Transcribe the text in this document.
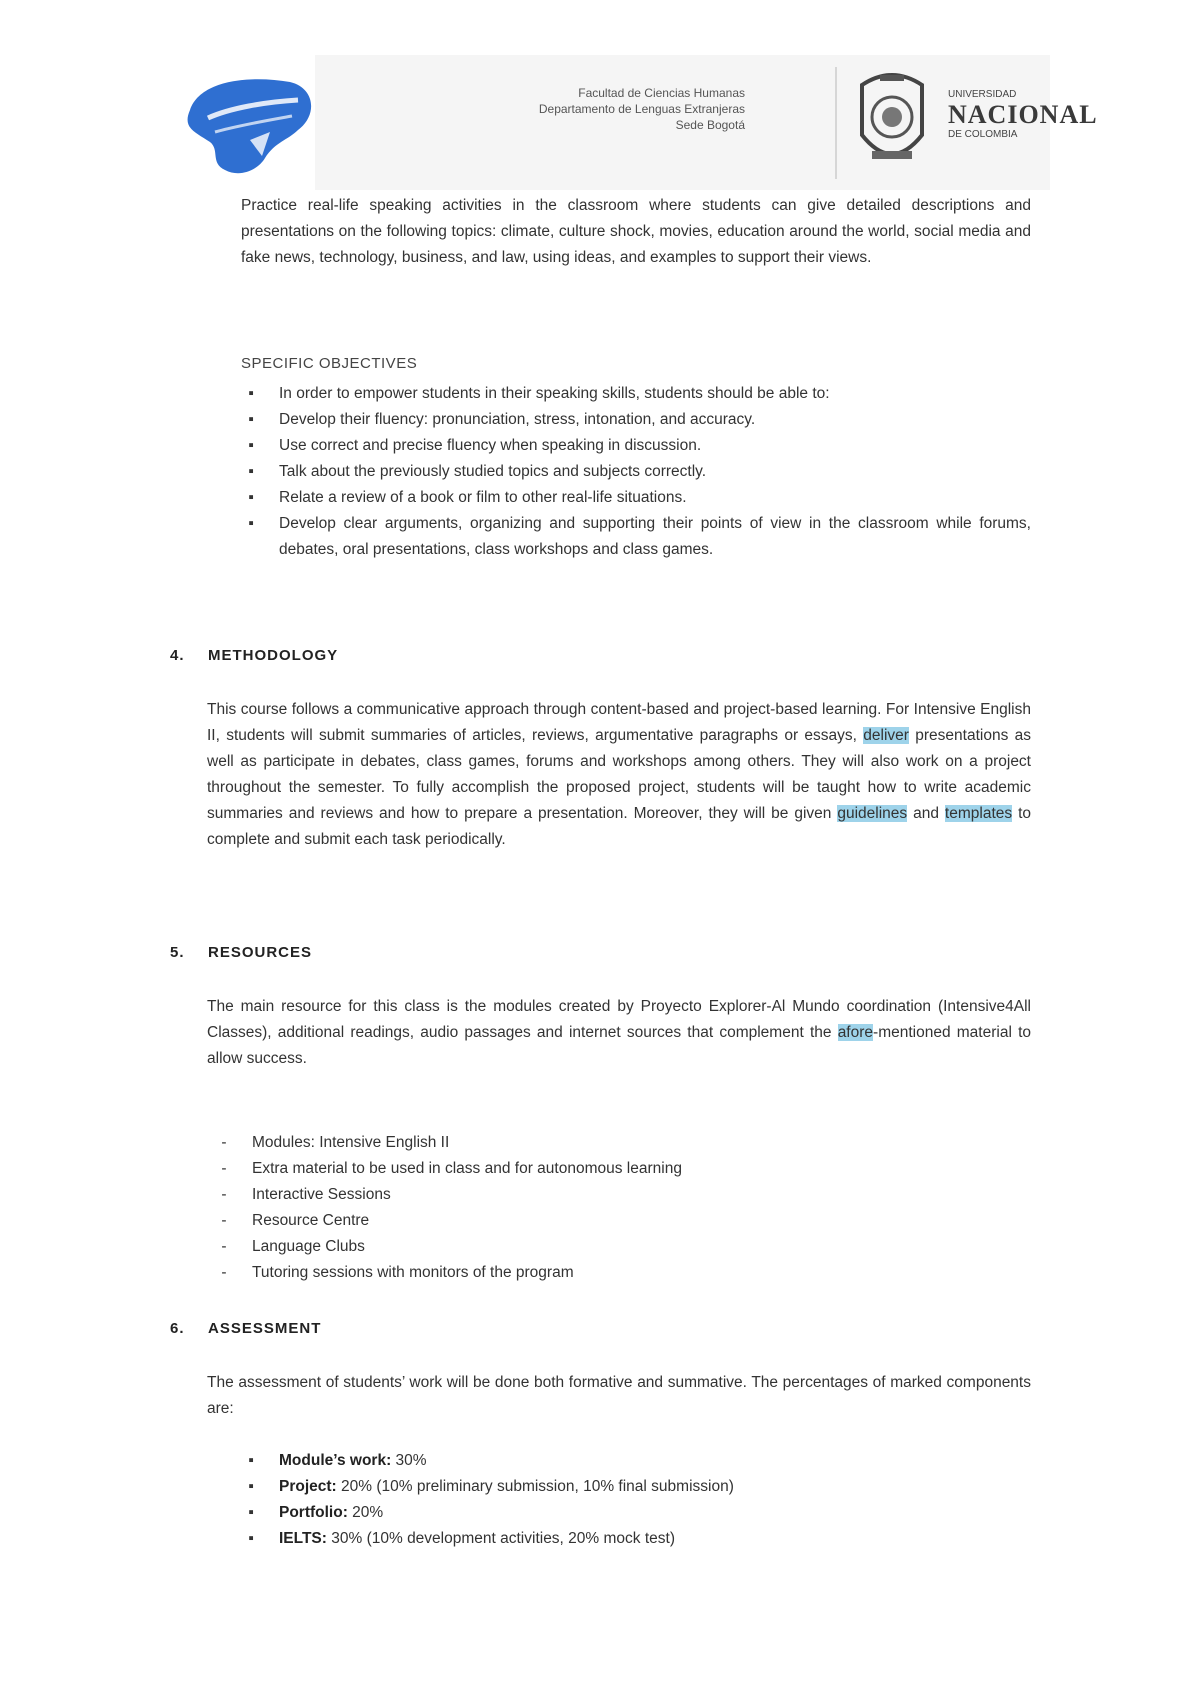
Facultad de Ciencias Humanas
Departamento de Lenguas Extranjeras
Sede Bogotá
UNIVERSIDAD
NACIONAL
DE COLOMBIA

Practice real-life speaking activities in the classroom where students can give detailed descriptions and presentations on the following topics: climate, culture shock, movies, education around the world, social media and fake news, technology, business, and law, using ideas, and examples to support their views.

SPECIFIC OBJECTIVES
▪	In order to empower students in their speaking skills, students should be able to:
▪	Develop their fluency: pronunciation, stress, intonation, and accuracy.
▪	Use correct and precise fluency when speaking in discussion.
▪	Talk about the previously studied topics and subjects correctly.
▪	Relate a review of a book or film to other real-life situations.
▪	Develop clear arguments, organizing and supporting their points of view in the classroom while forums, debates, oral presentations, class workshops and class games.
4. METHODOLOGY

This course follows a communicative approach through content-based and project-based learning. For Intensive English II, students will submit summaries of articles, reviews, argumentative paragraphs or essays, deliver presentations as well as participate in debates, class games, forums and workshops among others. They will also work on a project throughout the semester. To fully accomplish the proposed project, students will be taught how to write academic summaries and reviews and how to prepare a presentation. Moreover, they will be given guidelines and templates to complete and submit each task periodically.

5. RESOURCES

The main resource for this class is the modules created by Proyecto Explorer-Al Mundo coordination (Intensive4All Classes), additional readings, audio passages and internet sources that complement the afore-mentioned material to allow success.

-	Modules: Intensive English II
-	Extra material to be used in class and for autonomous learning
-	Interactive Sessions
-	Resource Centre
-	Language Clubs
-	Tutoring sessions with monitors of the program
6. ASSESSMENT

The assessment of students’ work will be done both formative and summative. The percentages of marked components are:

▪	Module’s work: 30%
▪	Project: 20% (10% preliminary submission, 10% final submission)
▪	Portfolio: 20%
▪	IELTS: 30% (10% development activities, 20% mock test)
